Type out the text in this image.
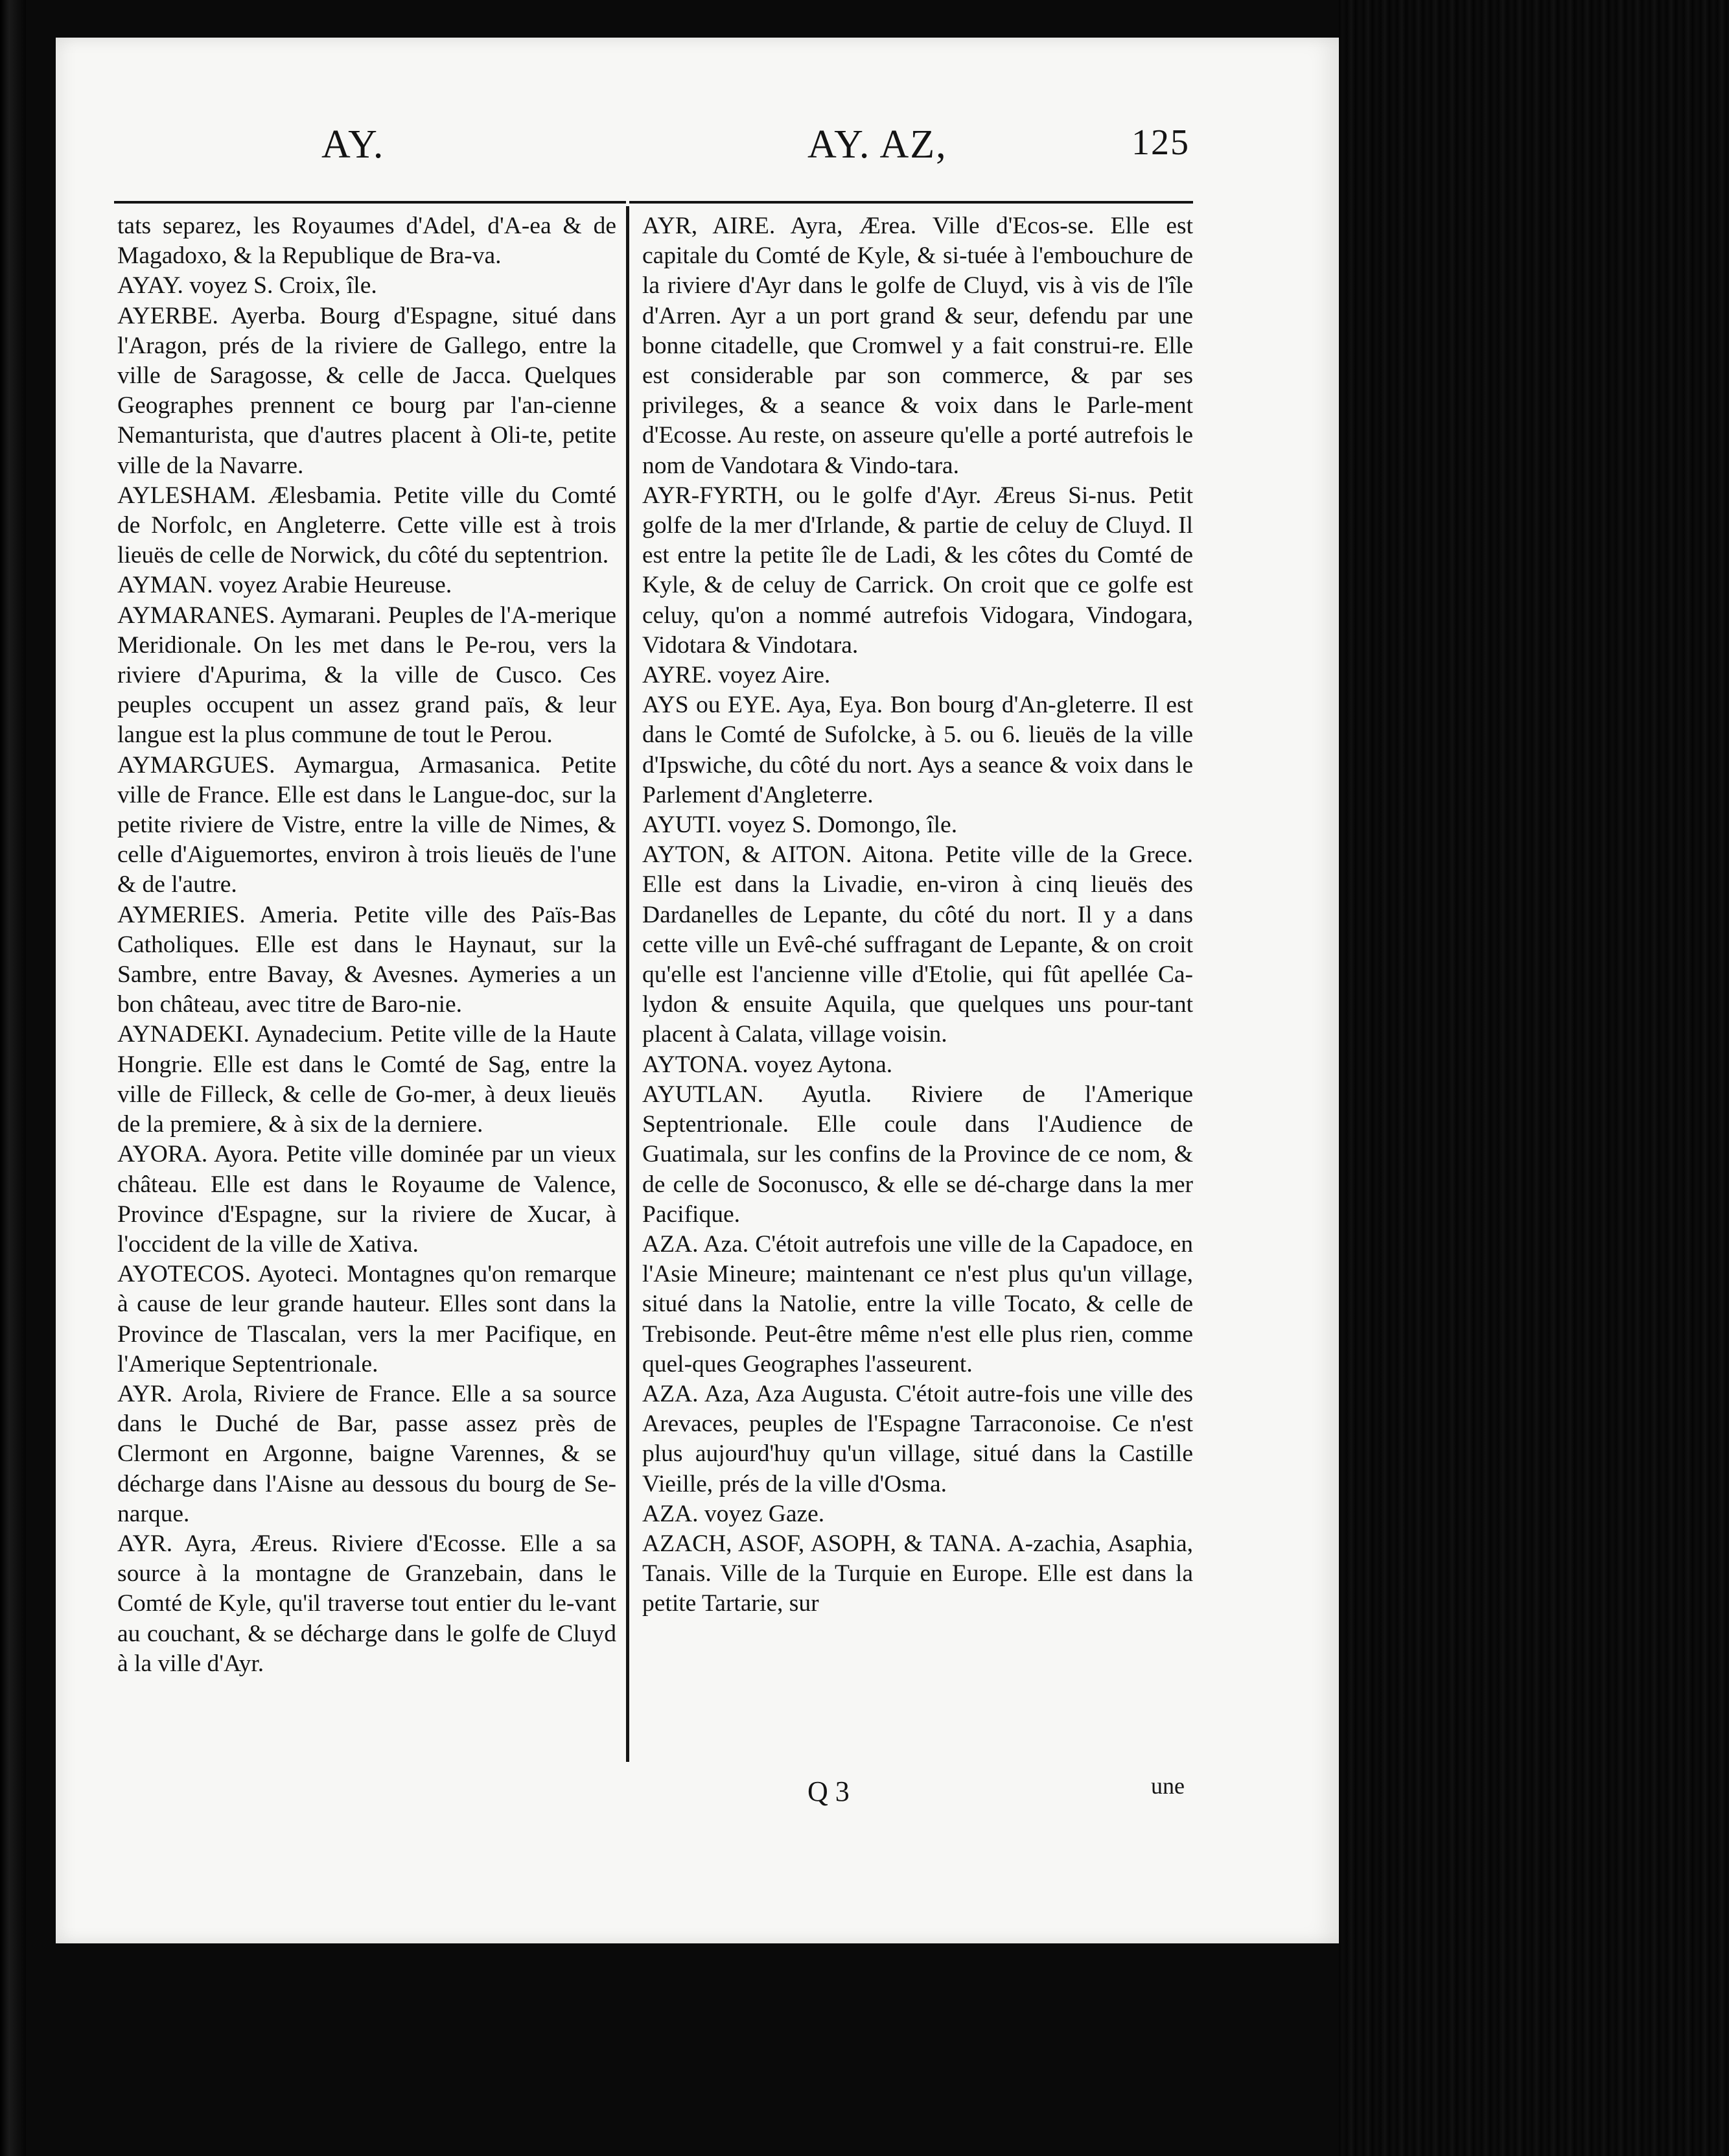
AY.	AY. AZ,	125

tats separez, les Royaumes d'Adel, d'A-ea & de Magadoxo, & la Republique de Bra-va.

AYAY. voyez S. Croix, île.

AYERBE. Ayerba. Bourg d'Espagne, situé dans l'Aragon, prés de la riviere de Gallego, entre la ville de Saragosse, & celle de Jacca. Quelques Geographes prennent ce bourg par l'an-cienne Nemanturista, que d'autres placent à Oli-te, petite ville de la Navarre.

AYLESHAM. Ælesbamia. Petite ville du Comté de Norfolc, en Angleterre. Cette ville est à trois lieuës de celle de Norwick, du côté du septentrion.

AYMAN. voyez Arabie Heureuse.

AYMARANES. Aymarani. Peuples de l'A-merique Meridionale. On les met dans le Pe-rou, vers la riviere d'Apurima, & la ville de Cusco. Ces peuples occupent un assez grand païs, & leur langue est la plus commune de tout le Perou.

AYMARGUES. Aymargua, Armasanica. Petite ville de France. Elle est dans le Langue-doc, sur la petite riviere de Vistre, entre la ville de Nimes, & celle d'Aiguemortes, environ à trois lieuës de l'une & de l'autre.

AYMERIES. Ameria. Petite ville des Païs-Bas Catholiques. Elle est dans le Haynaut, sur la Sambre, entre Bavay, & Avesnes. Aymeries a un bon château, avec titre de Baro-nie.

AYNADEKI. Aynadecium. Petite ville de la Haute Hongrie. Elle est dans le Comté de Sag, entre la ville de Filleck, & celle de Go-mer, à deux lieuës de la premiere, & à six de la derniere.

AYORA. Ayora. Petite ville dominée par un vieux château. Elle est dans le Royaume de Valence, Province d'Espagne, sur la riviere de Xucar, à l'occident de la ville de Xativa.

AYOTECOS. Ayoteci. Montagnes qu'on remarque à cause de leur grande hauteur. Elles sont dans la Province de Tlascalan, vers la mer Pacifique, en l'Amerique Septentrionale.

AYR. Arola, Riviere de France. Elle a sa source dans le Duché de Bar, passe assez près de Clermont en Argonne, baigne Varennes, & se décharge dans l'Aisne au dessous du bourg de Se-narque.

AYR. Ayra, Æreus. Riviere d'Ecosse. Elle a sa source à la montagne de Granzebain, dans le Comté de Kyle, qu'il traverse tout entier du le-vant au couchant, & se décharge dans le golfe de Cluyd à la ville d'Ayr.

AYR, AIRE. Ayra, Ærea. Ville d'Ecos-se. Elle est capitale du Comté de Kyle, & si-tuée à l'embouchure de la riviere d'Ayr dans le golfe de Cluyd, vis à vis de l'île d'Arren. Ayr a un port grand & seur, defendu par une bonne citadelle, que Cromwel y a fait construi-re. Elle est considerable par son commerce, & par ses privileges, & a seance & voix dans le Parle-ment d'Ecosse. Au reste, on asseure qu'elle a porté autrefois le nom de Vandotara & Vindo-tara.

AYR-FYRTH, ou le golfe d'Ayr. Æreus Si-nus. Petit golfe de la mer d'Irlande, & partie de celuy de Cluyd. Il est entre la petite île de Ladi, & les côtes du Comté de Kyle, & de celuy de Carrick. On croit que ce golfe est celuy, qu'on a nommé autrefois Vidogara, Vindogara, Vidotara & Vindotara.

AYRE. voyez Aire.

AYS ou EYE. Aya, Eya. Bon bourg d'An-gleterre. Il est dans le Comté de Sufolcke, à 5. ou 6. lieuës de la ville d'Ipswiche, du côté du nort. Ays a seance & voix dans le Parlement d'Angleterre.

AYUTI. voyez S. Domongo, île.

AYTON, & AITON. Aitona. Petite ville de la Grece. Elle est dans la Livadie, en-viron à cinq lieuës des Dardanelles de Lepante, du côté du nort. Il y a dans cette ville un Evê-ché suffragant de Lepante, & on croit qu'elle est l'ancienne ville d'Etolie, qui fût apellée Ca-lydon & ensuite Aquila, que quelques uns pour-tant placent à Calata, village voisin.

AYTONA. voyez Aytona.

AYUTLAN. Ayutla. Riviere de l'Amerique Septentrionale. Elle coule dans l'Audience de Guatimala, sur les confins de la Province de ce nom, & de celle de Soconusco, & elle se dé-charge dans la mer Pacifique.

AZA. Aza. C'étoit autrefois une ville de la Capadoce, en l'Asie Mineure; maintenant ce n'est plus qu'un village, situé dans la Natolie, entre la ville Tocato, & celle de Trebisonde. Peut-être même n'est elle plus rien, comme quel-ques Geographes l'asseurent.

AZA. Aza, Aza Augusta. C'étoit autre-fois une ville des Arevaces, peuples de l'Espagne Tarraconoise. Ce n'est plus aujourd'huy qu'un village, situé dans la Castille Vieille, prés de la ville d'Osma.

AZA. voyez Gaze.

AZACH, ASOF, ASOPH, & TANA. A-zachia, Asaphia, Tanais. Ville de la Turquie en Europe. Elle est dans la petite Tartarie, sur

Q 3	une
